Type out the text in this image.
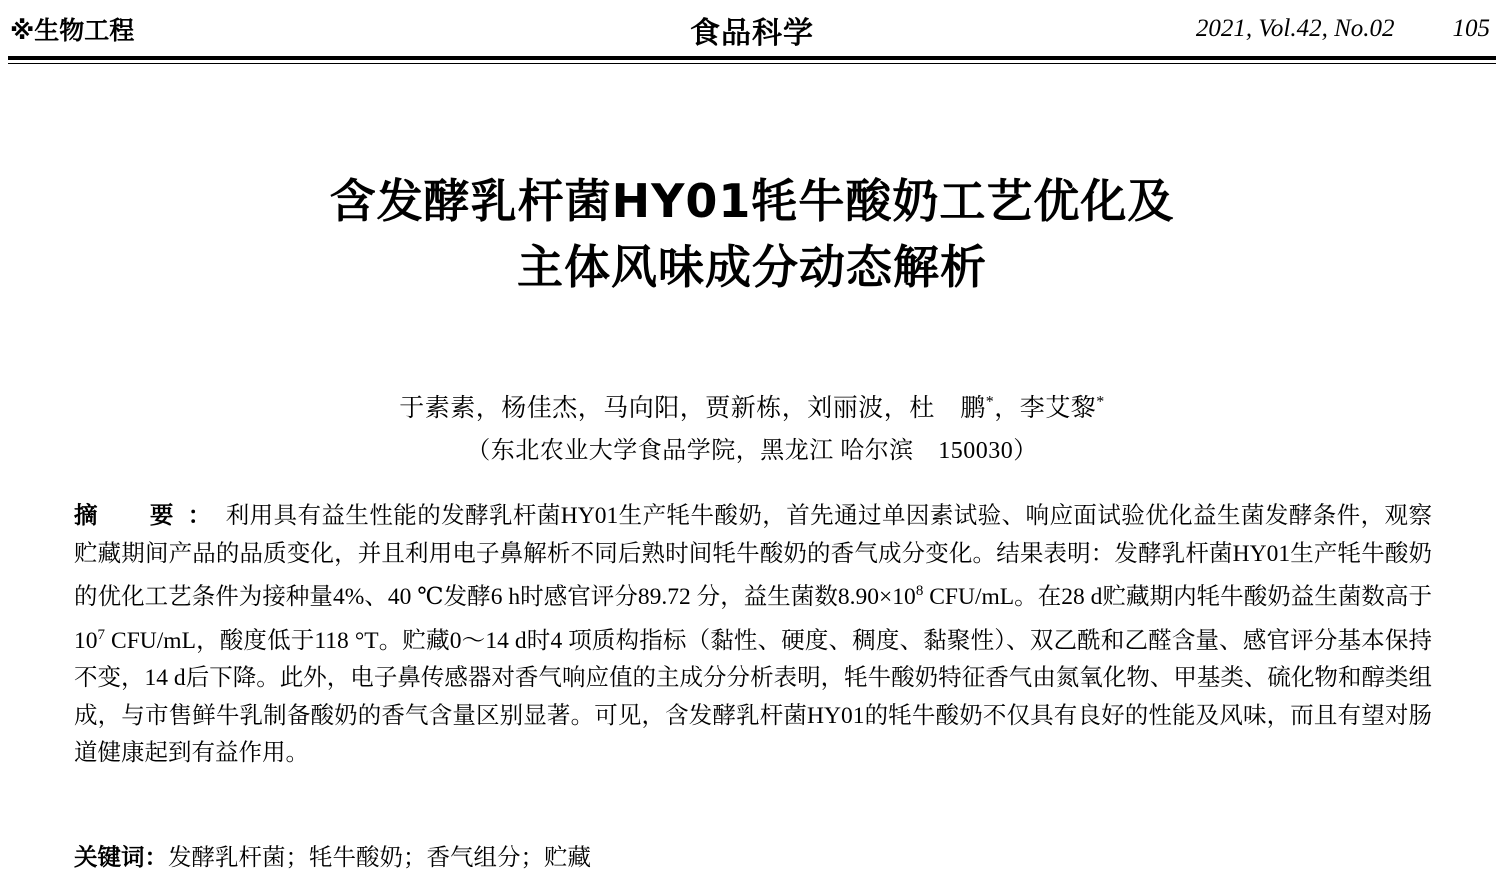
※生物工程	食品科学	2021, Vol.42, No.02 105
含发酵乳杆菌HY01牦牛酸奶工艺优化及
主体风味成分动态解析
于素素，杨佳杰，马向阳，贾新栋，刘丽波，杜　鹏*，李艾黎*
（东北农业大学食品学院，黑龙江 哈尔滨　150030）
摘　要：利用具有益生性能的发酵乳杆菌HY01生产牦牛酸奶，首先通过单因素试验、响应面试验优化益生菌发酵条件，观察贮藏期间产品的品质变化，并且利用电子鼻解析不同后熟时间牦牛酸奶的香气成分变化。结果表明：发酵乳杆菌HY01生产牦牛酸奶的优化工艺条件为接种量4%、40 ℃发酵6 h时感官评分89.72 分，益生菌数$8.90\times 10^8$ CFU/mL。在28 d贮藏期内牦牛酸奶益生菌数高于$10^7$ CFU/mL，酸度低于118 °T。贮藏0～14 d时4 项质构指标（黏性、硬度、稠度、黏聚性）、双乙酰和乙醛含量、感官评分基本保持不变，14 d后下降。此外，电子鼻传感器对香气响应值的主成分分析表明，牦牛酸奶特征香气由氮氧化物、甲基类、硫化物和醇类组成，与市售鲜牛乳制备酸奶的香气含量区别显著。可见，含发酵乳杆菌HY01的牦牛酸奶不仅具有良好的性能及风味，而且有望对肠道健康起到有益作用。
关键词：发酵乳杆菌；牦牛酸奶；香气组分；贮藏
